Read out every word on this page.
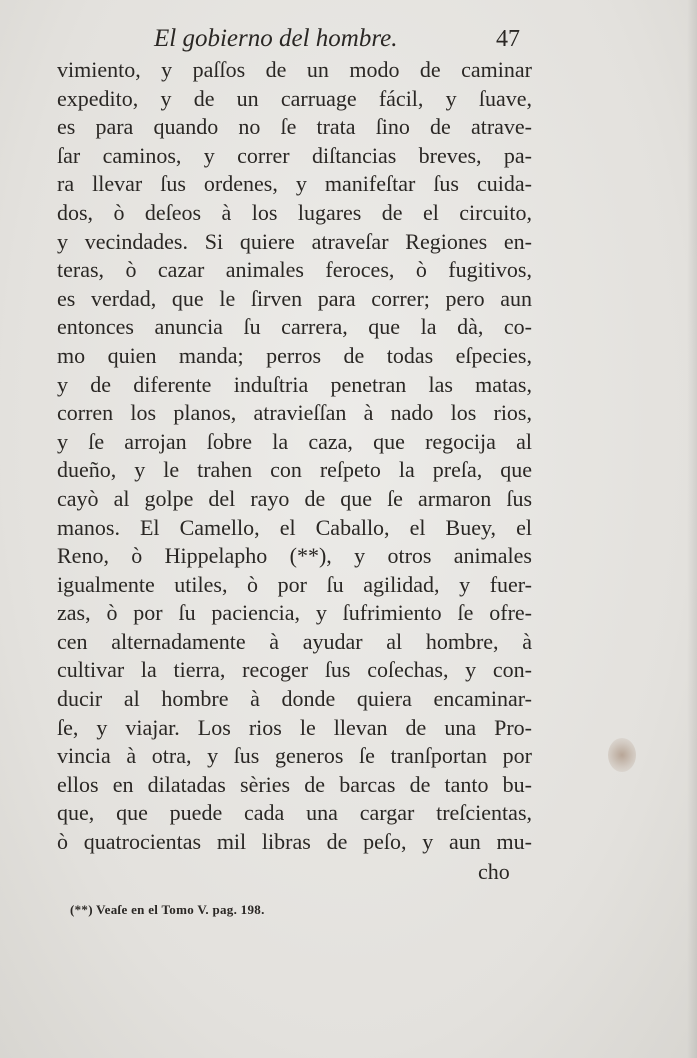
El gobierno del hombre.	47
vimiento, y paſſos de un modo de caminar
expedito, y de un carruage fácil, y ſuave,
es para quando no ſe trata ſino de atrave-
ſar caminos, y correr diſtancias breves, pa-
ra llevar ſus ordenes, y manifeſtar ſus cuida-
dos, ò deſeos à los lugares de el circuito,
y vecindades. Si quiere atraveſar Regiones en-
teras, ò cazar animales feroces, ò fugitivos,
es verdad, que le ſirven para correr; pero aun
entonces anuncia ſu carrera, que la dà, co-
mo quien manda; perros de todas eſpecies,
y de diferente induſtria penetran las matas,
corren los planos, atravieſſan à nado los rios,
y ſe arrojan ſobre la caza, que regocija al
dueño, y le trahen con reſpeto la preſa, que
cayò al golpe del rayo de que ſe armaron ſus
manos. El Camello, el Caballo, el Buey, el
Reno, ò Hippelapho (**), y otros animales
igualmente utiles, ò por ſu agilidad, y fuer-
zas, ò por ſu paciencia, y ſufrimiento ſe ofre-
cen alternadamente à ayudar al hombre, à
cultivar la tierra, recoger ſus coſechas, y con-
ducir al hombre à donde quiera encaminar-
ſe, y viajar. Los rios le llevan de una Pro-
vincia à otra, y ſus generos ſe tranſportan por
ellos en dilatadas sèries de barcas de tanto bu-
que, que puede cada una cargar treſcientas,
ò quatrocientas mil libras de peſo, y aun mu-
cho
(**) Veaſe en el Tomo V. pag. 198.
